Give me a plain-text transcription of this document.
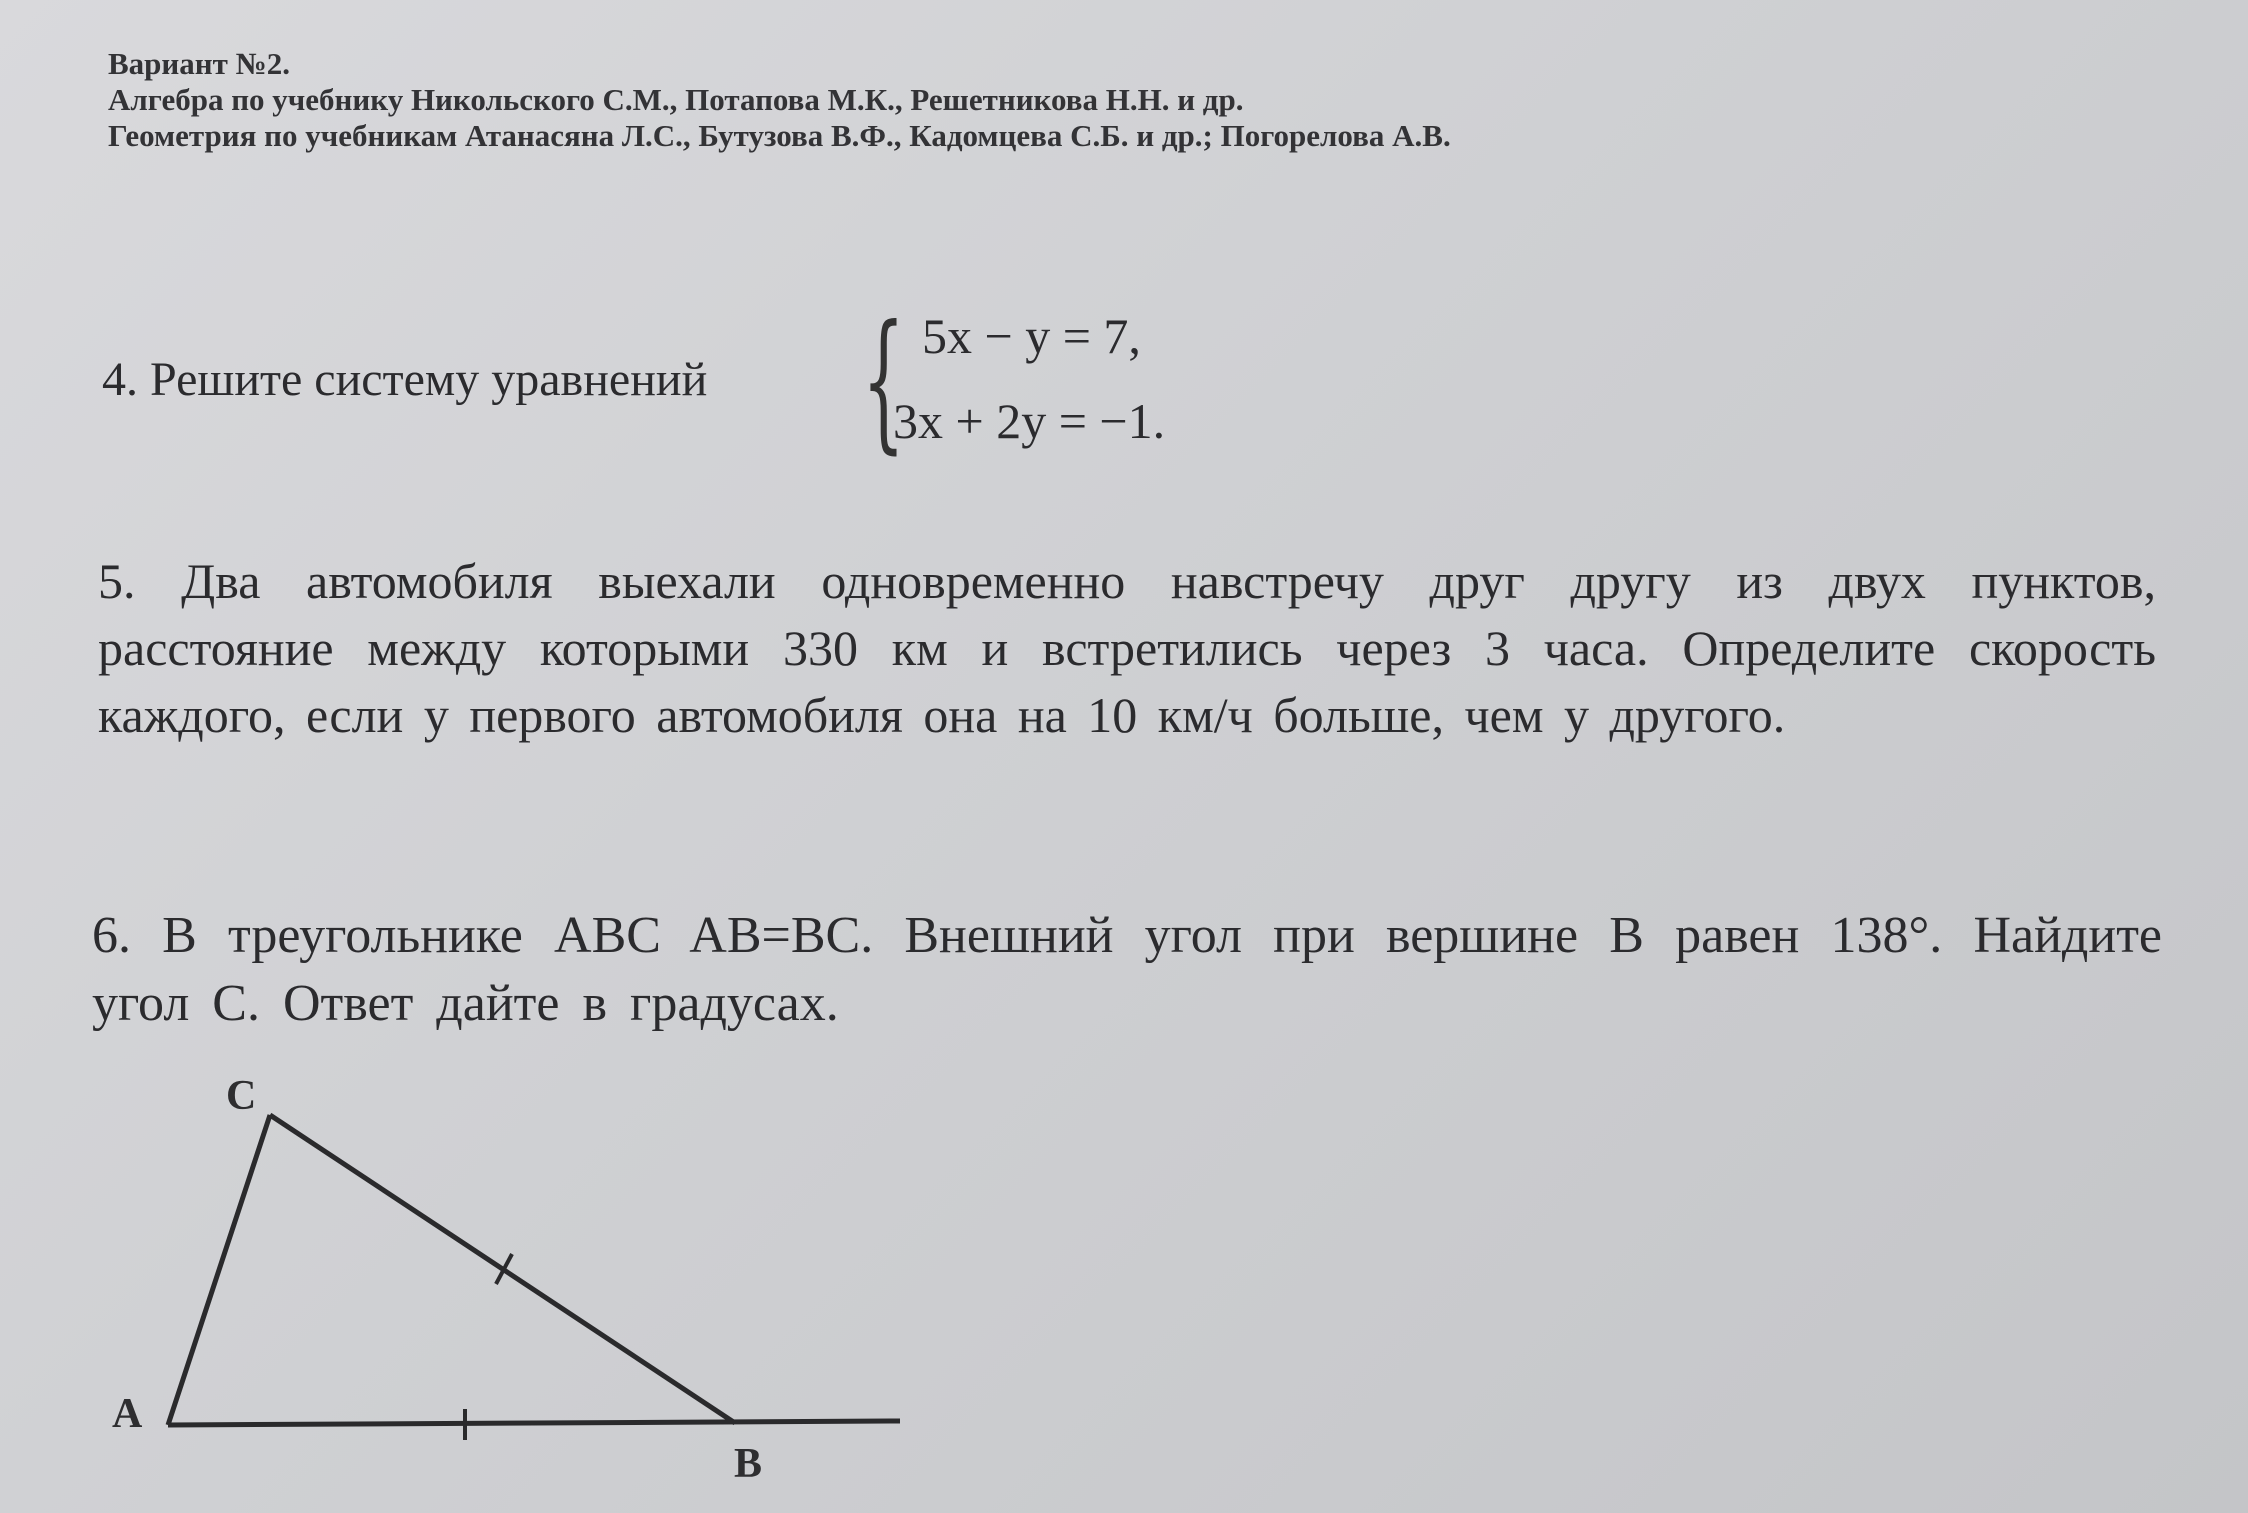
Вариант №2.
Алгебра по учебнику Никольского С.М., Потапова М.К., Решетникова Н.Н. и др.
Геометрия по учебникам Атанасяна Л.С., Бутузова В.Ф., Кадомцева С.Б. и др.; Погорелова А.В.
4. Решите систему уравнений { 5x − y = 7,
3x + 2y = −1.
5. Два автомобиля выехали одновременно навстречу друг другу из двух пунктов, расстояние между которыми 330 км и встретились через 3 часа. Определите скорость каждого, если у первого автомобиля она на 10 км/ч больше, чем у другого.
6. В треугольнике ABC AB=BC. Внешний угол при вершине B равен 138°. Найдите угол C. Ответ дайте в градусах.
C
A
B
